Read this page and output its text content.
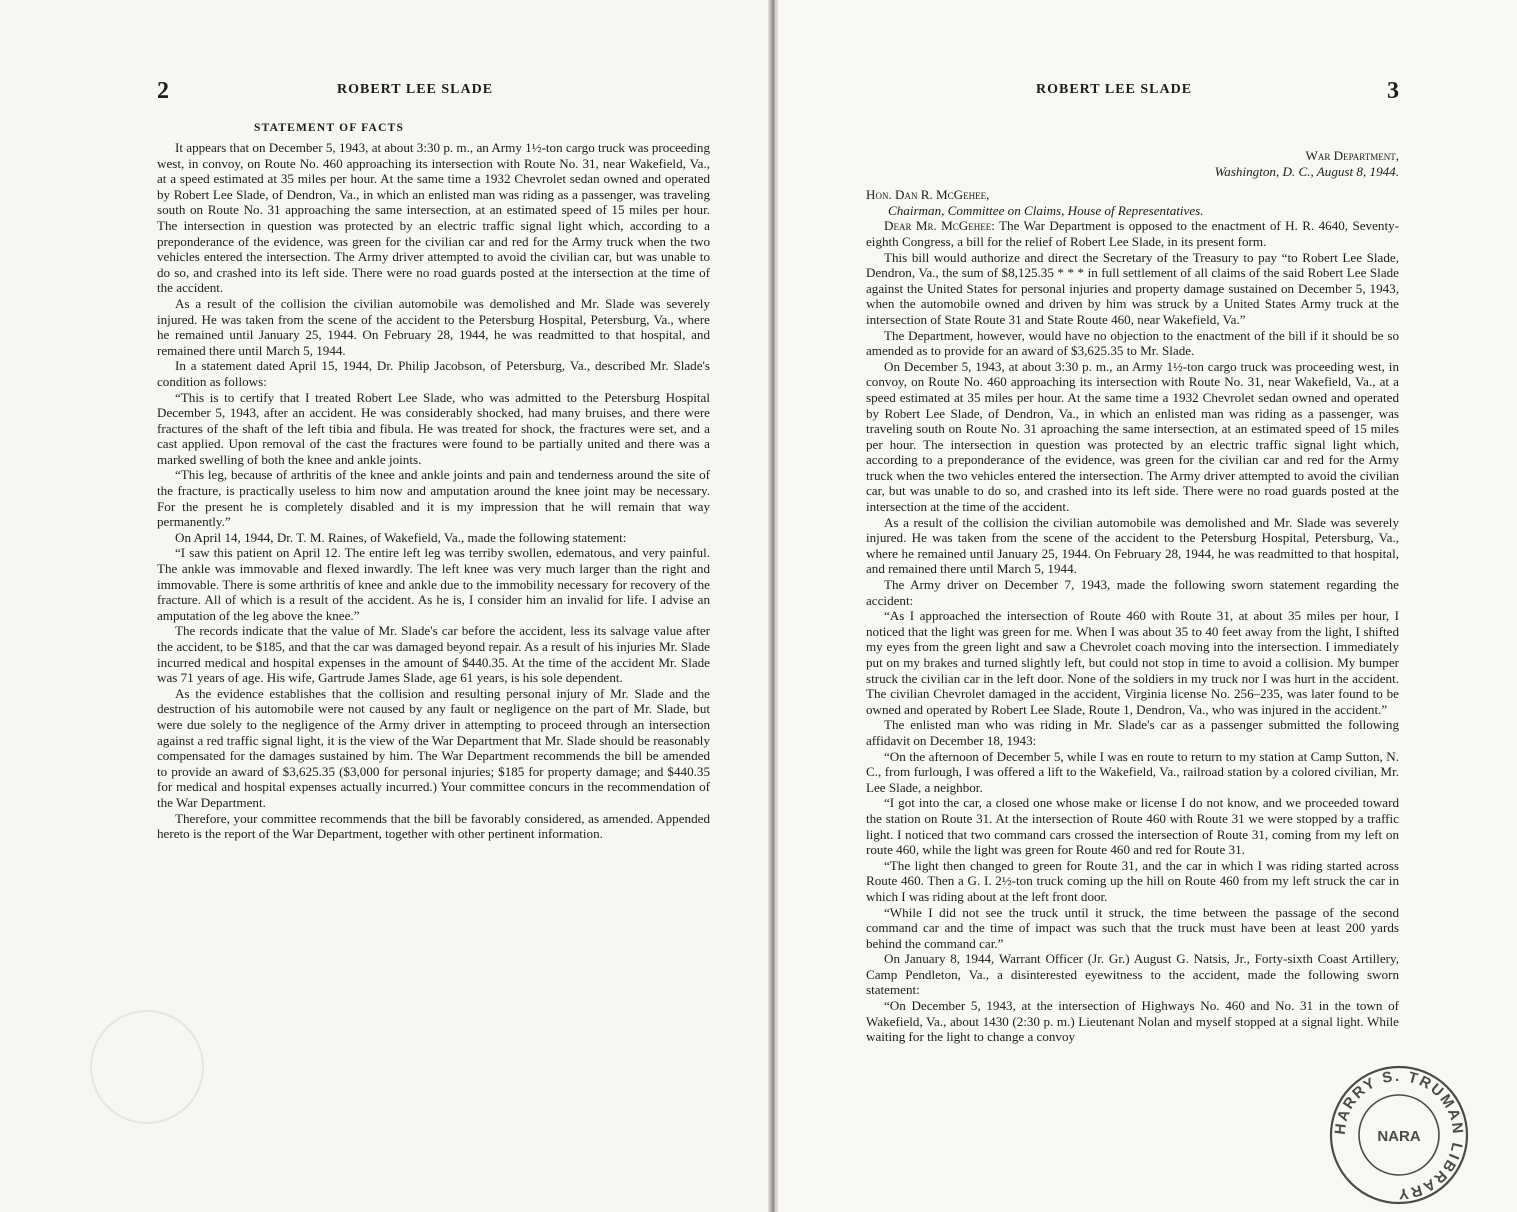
2	ROBERT LEE SLADE
STATEMENT OF FACTS

It appears that on December 5, 1943, at about 3:30 p. m., an Army 1½-ton cargo truck was proceeding west, in convoy, on Route No. 460 approaching its intersection with Route No. 31, near Wakefield, Va., at a speed estimated at 35 miles per hour. At the same time a 1932 Chevrolet sedan owned and operated by Robert Lee Slade, of Dendron, Va., in which an enlisted man was riding as a passenger, was traveling south on Route No. 31 approaching the same intersection, at an estimated speed of 15 miles per hour. The intersection in question was protected by an electric traffic signal light which, according to a preponderance of the evidence, was green for the civilian car and red for the Army truck when the two vehicles entered the intersection. The Army driver attempted to avoid the civilian car, but was unable to do so, and crashed into its left side. There were no road guards posted at the intersection at the time of the accident.

As a result of the collision the civilian automobile was demolished and Mr. Slade was severely injured. He was taken from the scene of the accident to the Petersburg Hospital, Petersburg, Va., where he remained until January 25, 1944. On February 28, 1944, he was readmitted to that hospital, and remained there until March 5, 1944.

In a statement dated April 15, 1944, Dr. Philip Jacobson, of Petersburg, Va., described Mr. Slade's condition as follows:

“This is to certify that I treated Robert Lee Slade, who was admitted to the Petersburg Hospital December 5, 1943, after an accident. He was considerably shocked, had many bruises, and there were fractures of the shaft of the left tibia and fibula. He was treated for shock, the fractures were set, and a cast applied. Upon removal of the cast the fractures were found to be partially united and there was a marked swelling of both the knee and ankle joints.

“This leg, because of arthritis of the knee and ankle joints and pain and tenderness around the site of the fracture, is practically useless to him now and amputation around the knee joint may be necessary. For the present he is completely disabled and it is my impression that he will remain that way permanently.”

On April 14, 1944, Dr. T. M. Raines, of Wakefield, Va., made the following statement:

“I saw this patient on April 12. The entire left leg was terriby swollen, edematous, and very painful. The ankle was immovable and flexed inwardly. The left knee was very much larger than the right and immovable. There is some arthritis of knee and ankle due to the immobility necessary for recovery of the fracture. All of which is a result of the accident. As he is, I consider him an invalid for life. I advise an amputation of the leg above the knee.”

The records indicate that the value of Mr. Slade's car before the accident, less its salvage value after the accident, to be $185, and that the car was damaged beyond repair. As a result of his injuries Mr. Slade incurred medical and hospital expenses in the amount of $440.35. At the time of the accident Mr. Slade was 71 years of age. His wife, Gartrude James Slade, age 61 years, is his sole dependent.

As the evidence establishes that the collision and resulting personal injury of Mr. Slade and the destruction of his automobile were not caused by any fault or negligence on the part of Mr. Slade, but were due solely to the negligence of the Army driver in attempting to proceed through an intersection against a red traffic signal light, it is the view of the War Department that Mr. Slade should be reasonably compensated for the damages sustained by him. The War Department recommends the bill be amended to provide an award of $3,625.35 ($3,000 for personal injuries; $185 for property damage; and $440.35 for medical and hospital expenses actually incurred.) Your committee concurs in the recommendation of the War Department.

Therefore, your committee recommends that the bill be favorably considered, as amended. Appended hereto is the report of the War Department, together with other pertinent information.

ROBERT LEE SLADE	3
War Department,
Washington, D. C., August 8, 1944.
Hon. Dan R. McGehee,
Chairman, Committee on Claims, House of Representatives.

Dear Mr. McGehee: The War Department is opposed to the enactment of H. R. 4640, Seventy-eighth Congress, a bill for the relief of Robert Lee Slade, in its present form.

This bill would authorize and direct the Secretary of the Treasury to pay “to Robert Lee Slade, Dendron, Va., the sum of $8,125.35 * * * in full settlement of all claims of the said Robert Lee Slade against the United States for personal injuries and property damage sustained on December 5, 1943, when the automobile owned and driven by him was struck by a United States Army truck at the intersection of State Route 31 and State Route 460, near Wakefield, Va.”

The Department, however, would have no objection to the enactment of the bill if it should be so amended as to provide for an award of $3,625.35 to Mr. Slade.

On December 5, 1943, at about 3:30 p. m., an Army 1½-ton cargo truck was proceeding west, in convoy, on Route No. 460 approaching its intersection with Route No. 31, near Wakefield, Va., at a speed estimated at 35 miles per hour. At the same time a 1932 Chevrolet sedan owned and operated by Robert Lee Slade, of Dendron, Va., in which an enlisted man was riding as a passenger, was traveling south on Route No. 31 aproaching the same intersection, at an estimated speed of 15 miles per hour. The intersection in question was protected by an electric traffic signal light which, according to a preponderance of the evidence, was green for the civilian car and red for the Army truck when the two vehicles entered the intersection. The Army driver attempted to avoid the civilian car, but was unable to do so, and crashed into its left side. There were no road guards posted at the intersection at the time of the accident.

As a result of the collision the civilian automobile was demolished and Mr. Slade was severely injured. He was taken from the scene of the accident to the Petersburg Hospital, Petersburg, Va., where he remained until January 25, 1944. On February 28, 1944, he was readmitted to that hospital, and remained there until March 5, 1944.

The Army driver on December 7, 1943, made the following sworn statement regarding the accident:

“As I approached the intersection of Route 460 with Route 31, at about 35 miles per hour, I noticed that the light was green for me. When I was about 35 to 40 feet away from the light, I shifted my eyes from the green light and saw a Chevrolet coach moving into the intersection. I immediately put on my brakes and turned slightly left, but could not stop in time to avoid a collision. My bumper struck the civilian car in the left door. None of the soldiers in my truck nor I was hurt in the accident. The civilian Chevrolet damaged in the accident, Virginia license No. 256–235, was later found to be owned and operated by Robert Lee Slade, Route 1, Dendron, Va., who was injured in the accident.”

The enlisted man who was riding in Mr. Slade's car as a passenger submitted the following affidavit on December 18, 1943:

“On the afternoon of December 5, while I was en route to return to my station at Camp Sutton, N. C., from furlough, I was offered a lift to the Wakefield, Va., railroad station by a colored civilian, Mr. Lee Slade, a neighbor.

“I got into the car, a closed one whose make or license I do not know, and we proceeded toward the station on Route 31. At the intersection of Route 460 with Route 31 we were stopped by a traffic light. I noticed that two command cars crossed the intersection of Route 31, coming from my left on route 460, while the light was green for Route 460 and red for Route 31.

“The light then changed to green for Route 31, and the car in which I was riding started across Route 460. Then a G. I. 2½-ton truck coming up the hill on Route 460 from my left struck the car in which I was riding about at the left front door.

“While I did not see the truck until it struck, the time between the passage of the second command car and the time of impact was such that the truck must have been at least 200 yards behind the command car.”

On January 8, 1944, Warrant Officer (Jr. Gr.) August G. Natsis, Jr., Forty-sixth Coast Artillery, Camp Pendleton, Va., a disinterested eyewitness to the accident, made the following sworn statement:

“On December 5, 1943, at the intersection of Highways No. 460 and No. 31 in the town of Wakefield, Va., about 1430 (2:30 p. m.) Lieutenant Nolan and myself stopped at a signal light. While waiting for the light to change a convoy

HARRY S. TRUMAN LIBRARY
NARA
